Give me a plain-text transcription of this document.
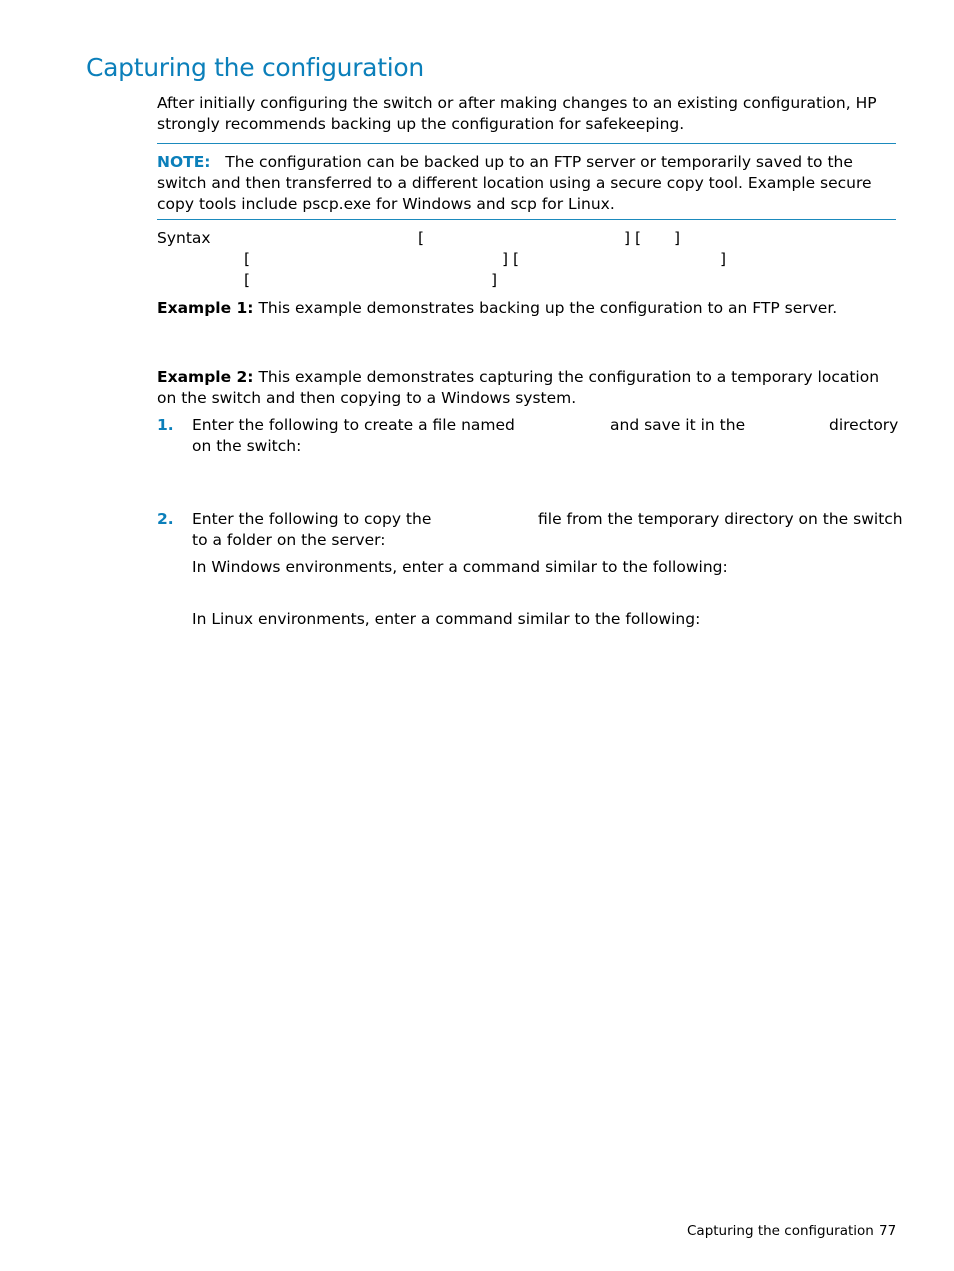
Capturing the configuration
After initially configuring the switch or after making changes to an existing configuration, HP strongly recommends backing up the configuration for safekeeping.
NOTE: The configuration can be backed up to an FTP server or temporarily saved to the switch and then transferred to a different location using a secure copy tool. Example secure copy tools include pscp.exe for Windows and scp for Linux.
Syntax	[	] [ ]
[	] [	]
[	]
Example 1: This example demonstrates backing up the configuration to an FTP server.
Example 2: This example demonstrates capturing the configuration to a temporary location on the switch and then copying to a Windows system.
1. Enter the following to create a file named	and save it in the	directory
on the switch:
2. Enter the following to copy the	file from the temporary directory on the switch
to a folder on the server:
In Windows environments, enter a command similar to the following:
In Linux environments, enter a command similar to the following:
Capturing the configuration 77
